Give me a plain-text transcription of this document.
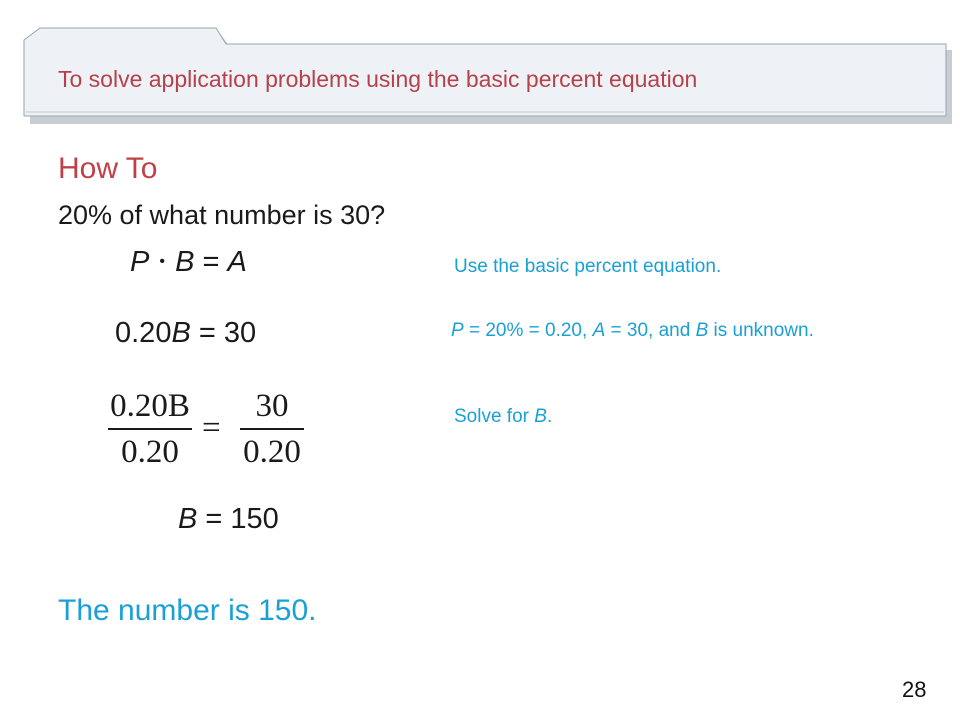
To solve application problems using the basic percent equation
How To
20% of what number is 30?
P • B = A	Use the basic percent equation.
0.20B = 30	P = 20% = 0.20, A = 30, and B is unknown.
0.20B
0.20
=
30
0.20
Solve for B.
B = 150
The number is 150.
28
